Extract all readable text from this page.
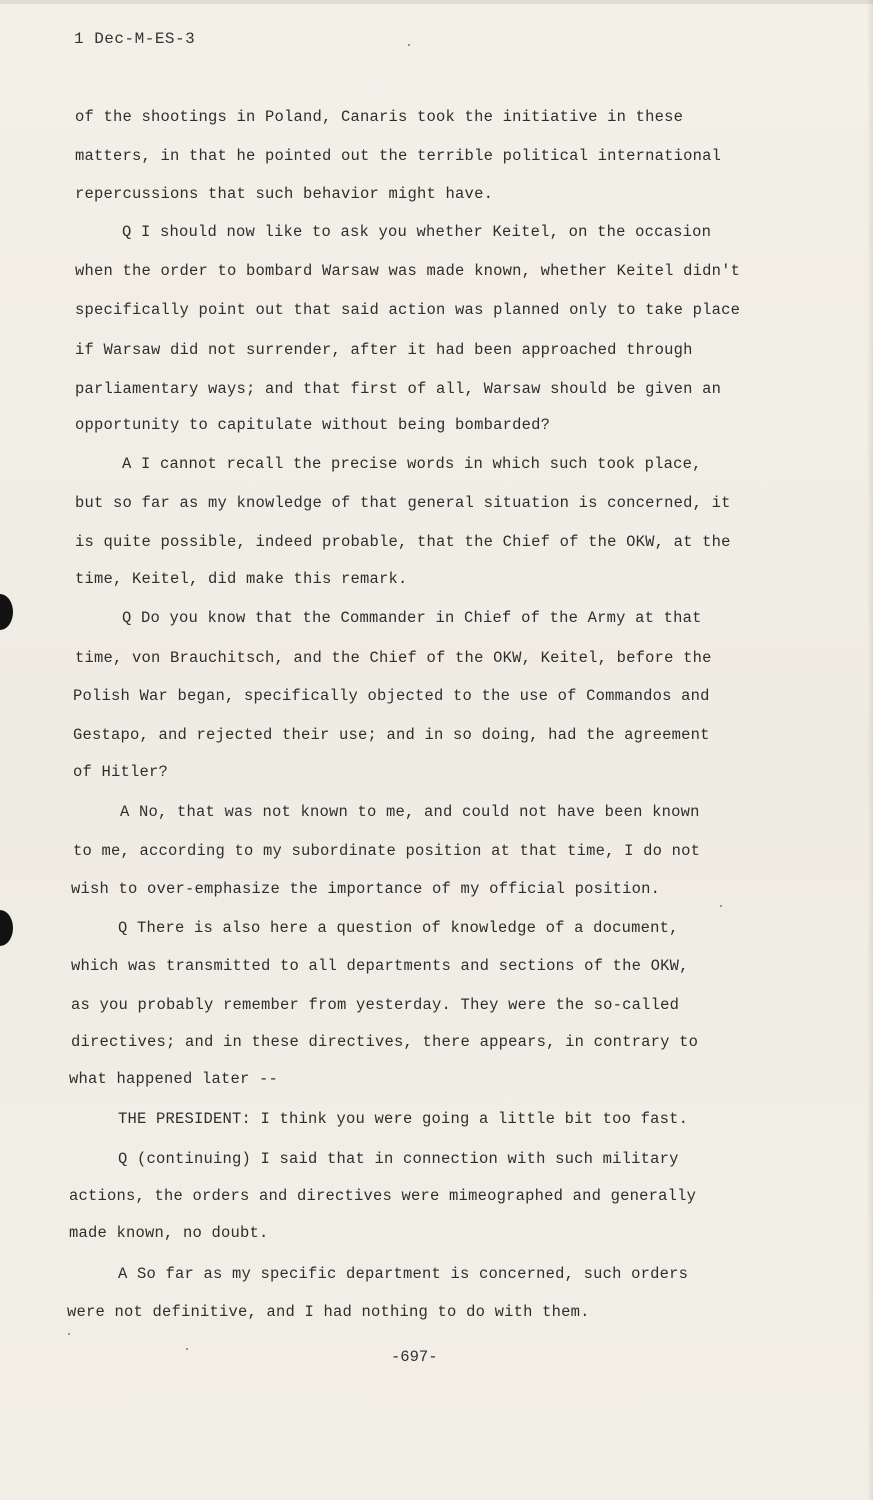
1 Dec-M-ES-3
of the shootings in Poland, Canaris took the initiative in these
matters, in that he pointed out the terrible political international
repercussions that such behavior might have.
Q I should now like to ask you whether Keitel, on the occasion
when the order to bombard Warsaw was made known, whether Keitel didn't
specifically point out that said action was planned only to take place
if Warsaw did not surrender, after it had been approached through
parliamentary ways; and that first of all, Warsaw should be given an
opportunity to capitulate without being bombarded?
A I cannot recall the precise words in which such took place,
but so far as my knowledge of that general situation is concerned, it
is quite possible, indeed probable, that the Chief of the OKW, at the
time, Keitel, did make this remark.
Q Do you know that the Commander in Chief of the Army at that
time, von Brauchitsch, and the Chief of the OKW, Keitel, before the
Polish War began, specifically objected to the use of Commandos and
Gestapo, and rejected their use; and in so doing, had the agreement
of Hitler?
A No, that was not known to me, and could not have been known
to me, according to my subordinate position at that time, I do not
wish to over-emphasize the importance of my official position.
Q There is also here a question of knowledge of a document,
which was transmitted to all departments and sections of the OKW,
as you probably remember from yesterday. They were the so-called
directives; and in these directives, there appears, in contrary to
what happened later --
THE PRESIDENT: I think you were going a little bit too fast.
Q (continuing) I said that in connection with such military
actions, the orders and directives were mimeographed and generally
made known, no doubt.
A So far as my specific department is concerned, such orders
were not definitive, and I had nothing to do with them.
-697-
